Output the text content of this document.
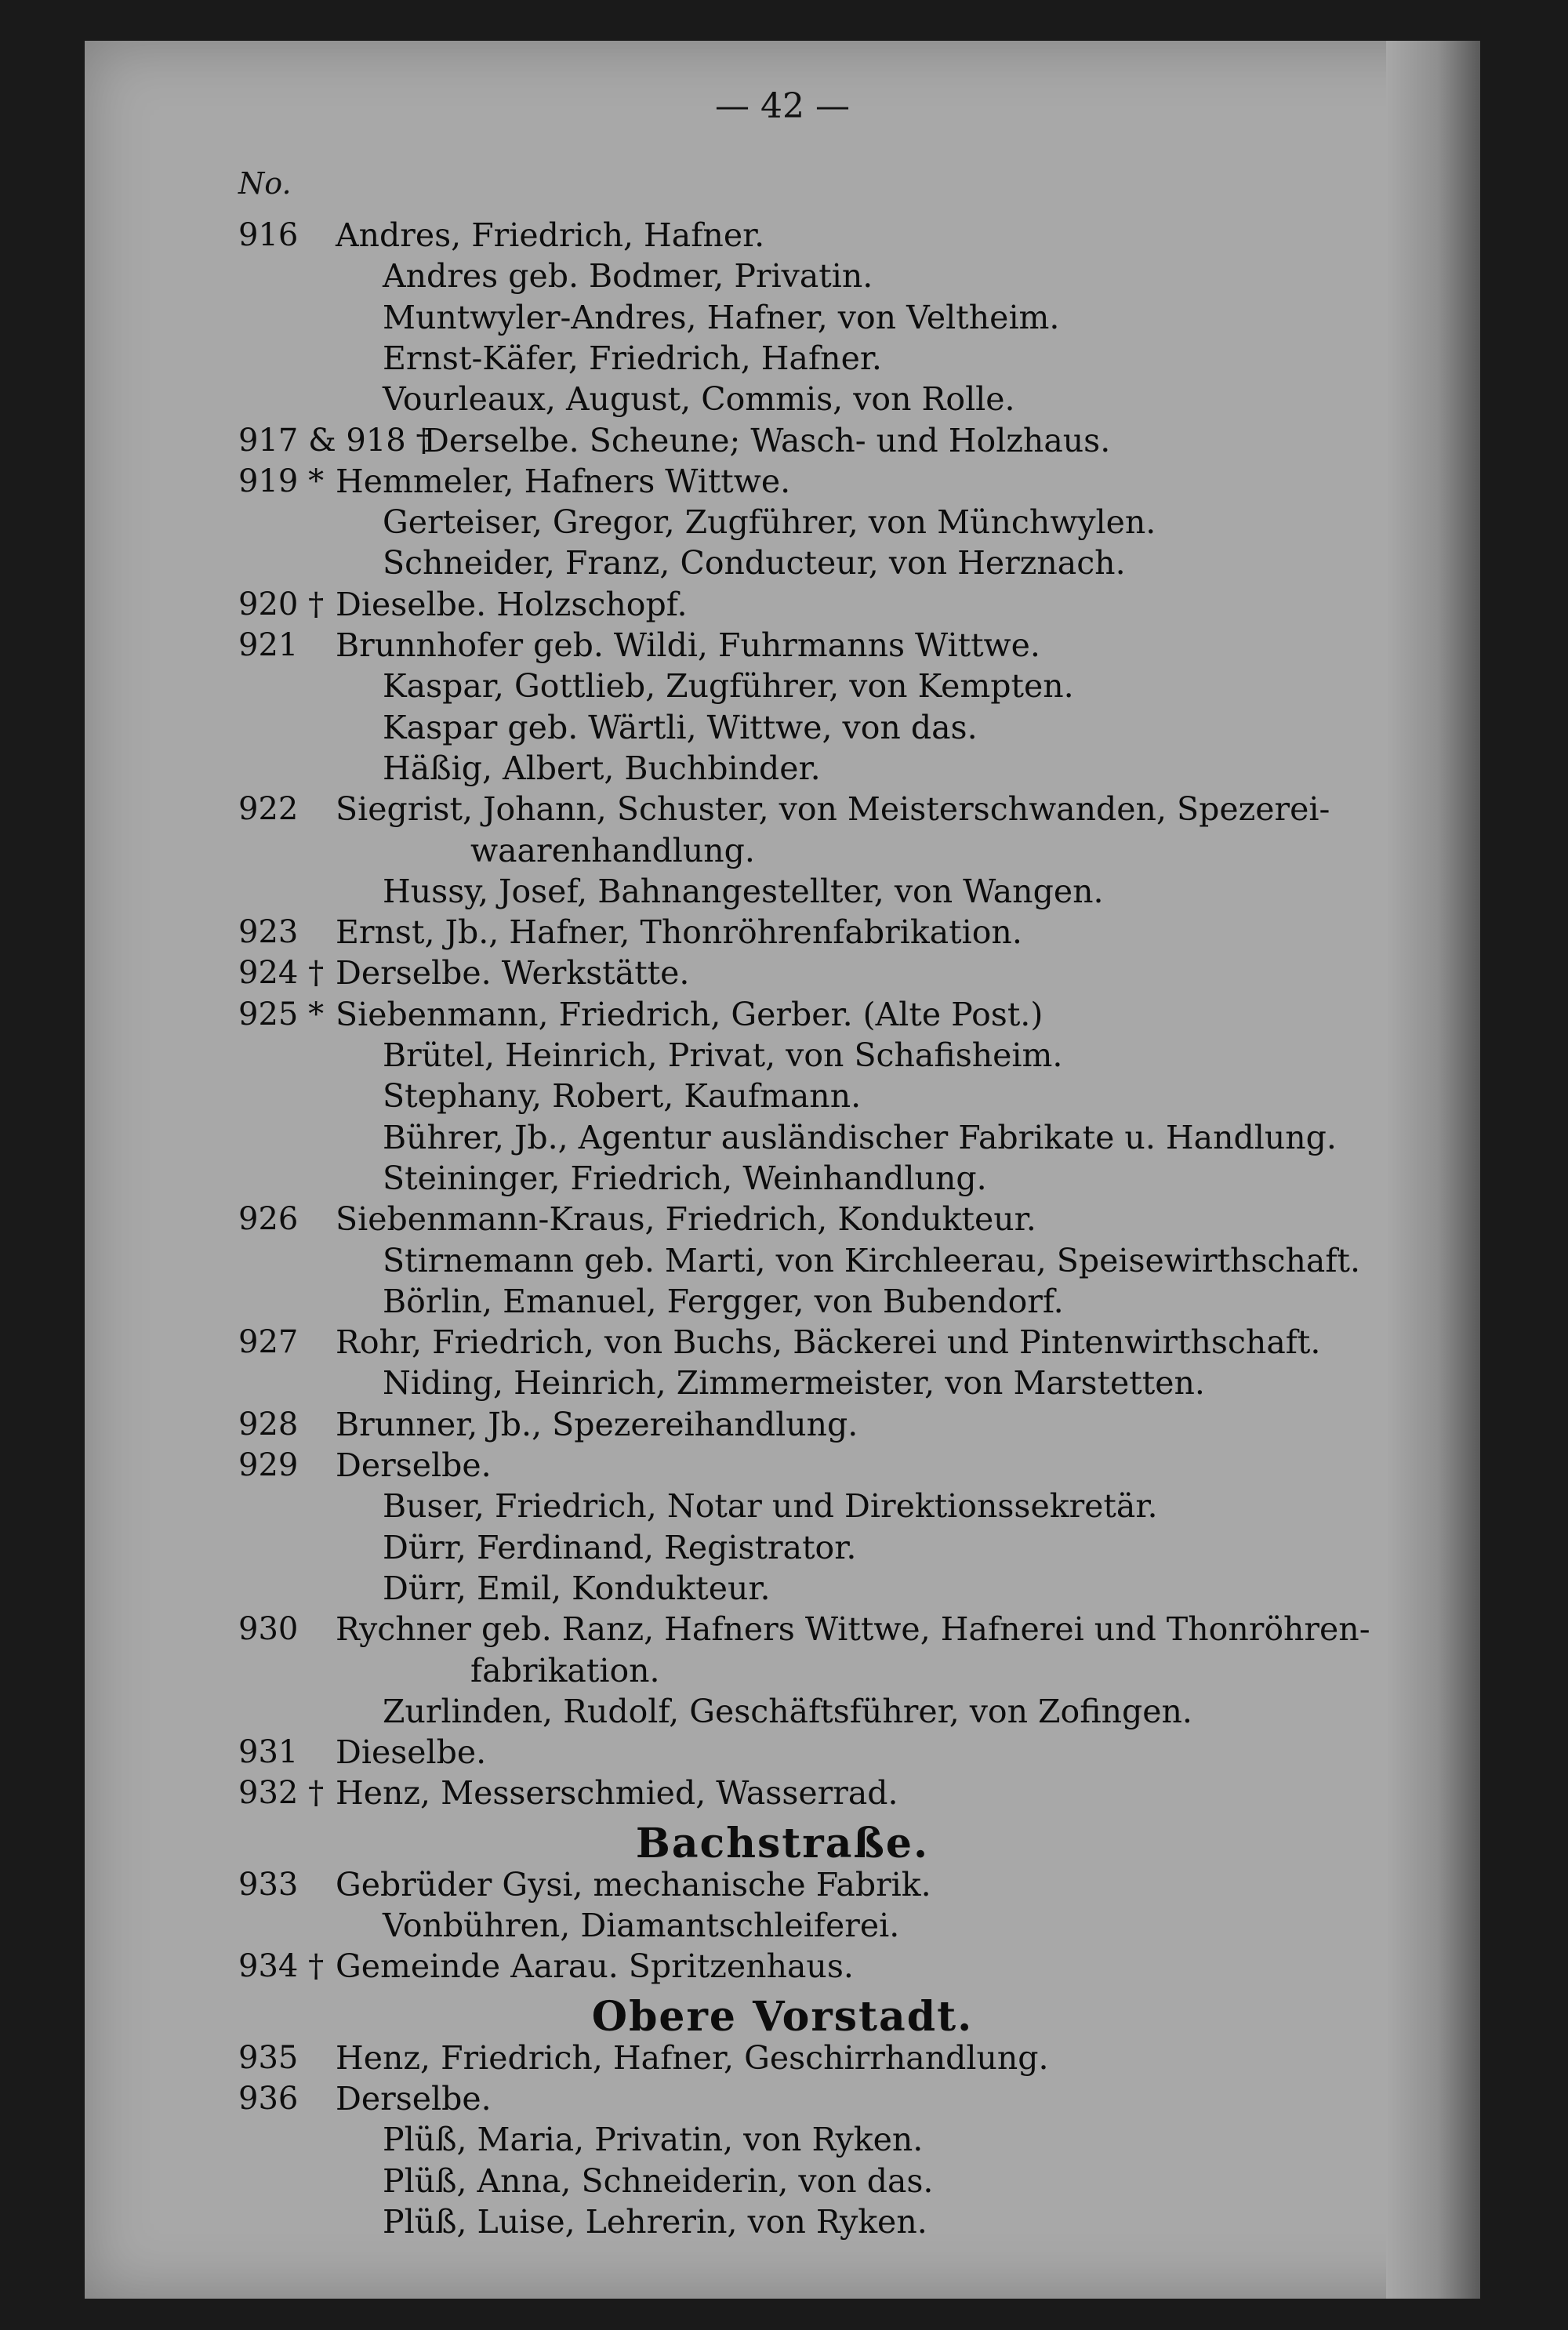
— 42 —
No.
916 Andres, Friedrich, Hafner.
Andres geb. Bodmer, Privatin.
Muntwyler-Andres, Hafner, von Veltheim.
Ernst-Käfer, Friedrich, Hafner.
Vourleaux, August, Commis, von Rolle.
917 & 918 †
Derselbe. Scheune; Wasch- und Holzhaus.
919 * Hemmeler, Hafners Wittwe.
Gerteiser, Gregor, Zugführer, von Münchwylen.
Schneider, Franz, Conducteur, von Herznach.
920 † Dieselbe. Holzschopf.
921 Brunnhofer geb. Wildi, Fuhrmanns Wittwe.
Kaspar, Gottlieb, Zugführer, von Kempten.
Kaspar geb. Wärtli, Wittwe, von das.
Häßig, Albert, Buchbinder.
922 Siegrist, Johann, Schuster, von Meisterschwanden, Spezerei-
waarenhandlung.
Hussy, Josef, Bahnangestellter, von Wangen.
923 Ernst, Jb., Hafner, Thonröhrenfabrikation.
924 † Derselbe. Werkstätte.
925 * Siebenmann, Friedrich, Gerber. (Alte Post.)
Brütel, Heinrich, Privat, von Schafisheim.
Stephany, Robert, Kaufmann.
Bührer, Jb., Agentur ausländischer Fabrikate u. Handlung.
Steininger, Friedrich, Weinhandlung.
926 Siebenmann-Kraus, Friedrich, Kondukteur.
Stirnemann geb. Marti, von Kirchleerau, Speisewirthschaft.
Börlin, Emanuel, Fergger, von Bubendorf.
927 Rohr, Friedrich, von Buchs, Bäckerei und Pintenwirthschaft.
Niding, Heinrich, Zimmermeister, von Marstetten.
928 Brunner, Jb., Spezereihandlung.
929 Derselbe.
Buser, Friedrich, Notar und Direktionssekretär.
Dürr, Ferdinand, Registrator.
Dürr, Emil, Kondukteur.
930 Rychner geb. Ranz, Hafners Wittwe, Hafnerei und Thonröhren-
fabrikation.
Zurlinden, Rudolf, Geschäftsführer, von Zofingen.
931 Dieselbe.
932 † Henz, Messerschmied, Wasserrad.
Bachstraße.
933 Gebrüder Gysi, mechanische Fabrik.
Vonbühren, Diamantschleiferei.
934 † Gemeinde Aarau. Spritzenhaus.
Obere Vorstadt.
935 Henz, Friedrich, Hafner, Geschirrhandlung.
936 Derselbe.
Plüß, Maria, Privatin, von Ryken.
Plüß, Anna, Schneiderin, von das.
Plüß, Luise, Lehrerin, von Ryken.
